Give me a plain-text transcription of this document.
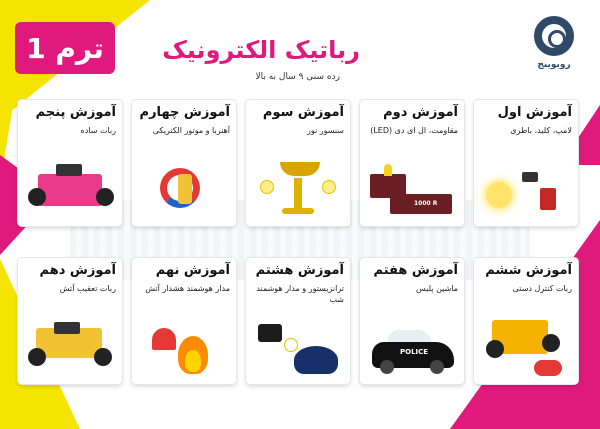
ترم 1	رباتیک الکترونیک
رده سنی ۹ سال به بالا
روبوینج
آموزش اول
لامپ، کلید، باطری
آموزش دوم
مقاومت، ال ای دی (LED)
1000 R
آموزش سوم
سنسور نور
آموزش چهارم
آهنربا و موتور الکتریکی
آموزش پنجم
ربات ساده
آموزش ششم
ربات کنترل دستی
آموزش هفتم
ماشین پلیس
POLICE
آموزش هشتم
ترانزیستور و مدار هوشمند شب
آموزش نهم
مدار هوشمند هشدار آتش
آموزش دهم
ربات تعقیب آتش
